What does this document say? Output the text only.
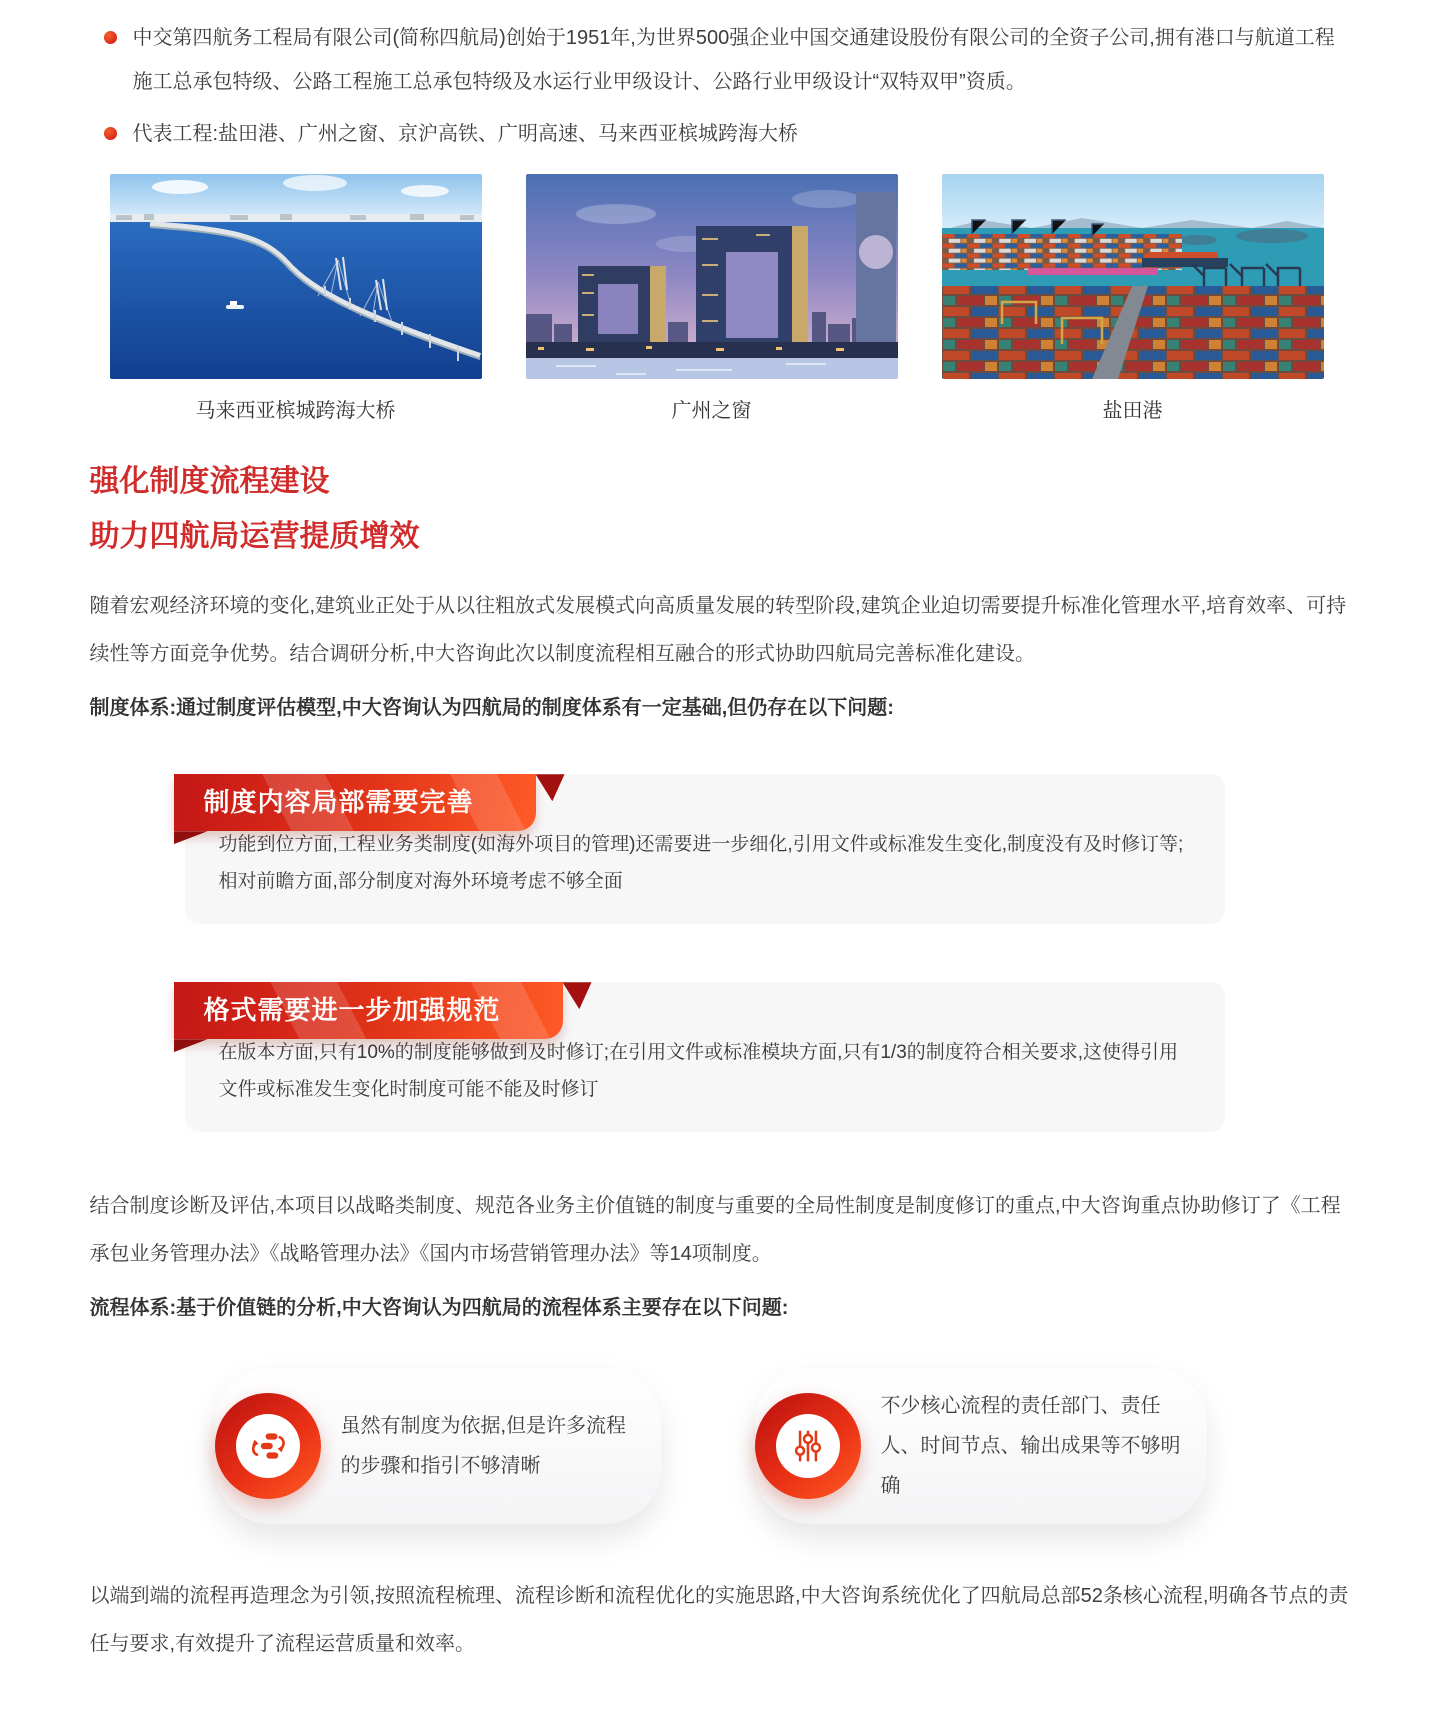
中交第四航务工程局有限公司(简称四航局)创始于1951年,为世界500强企业中国交通建设股份有限公司的全资子公司,拥有港口与航道工程施工总承包特级、公路工程施工总承包特级及水运行业甲级设计、公路行业甲级设计“双特双甲”资质。
代表工程:盐田港、广州之窗、京沪高铁、广明高速、马来西亚槟城跨海大桥
马来西亚槟城跨海大桥	广州之窗	盐田港
强化制度流程建设
助力四航局运营提质增效

随着宏观经济环境的变化,建筑业正处于从以往粗放式发展模式向高质量发展的转型阶段,建筑企业迫切需要提升标准化管理水平,培育效率、可持续性等方面竞争优势。结合调研分析,中大咨询此次以制度流程相互融合的形式协助四航局完善标准化建设。

制度体系:通过制度评估模型,中大咨询认为四航局的制度体系有一定基础,但仍存在以下问题:

制度内容局部需要完善

功能到位方面,工程业务类制度(如海外项目的管理)还需要进一步细化,引用文件或标准发生变化,制度没有及时修订等;相对前瞻方面,部分制度对海外环境考虑不够全面

格式需要进一步加强规范

在版本方面,只有10%的制度能够做到及时修订;在引用文件或标准模块方面,只有1/3的制度符合相关要求,这使得引用文件或标准发生变化时制度可能不能及时修订

结合制度诊断及评估,本项目以战略类制度、规范各业务主价值链的制度与重要的全局性制度是制度修订的重点,中大咨询重点协助修订了《工程承包业务管理办法》《战略管理办法》《国内市场营销管理办法》等14项制度。

流程体系:基于价值链的分析,中大咨询认为四航局的流程体系主要存在以下问题:

虽然有制度为依据,但是许多流程的步骤和指引不够清晰
不少核心流程的责任部门、责任人、时间节点、输出成果等不够明确

以端到端的流程再造理念为引领,按照流程梳理、流程诊断和流程优化的实施思路,中大咨询系统优化了四航局总部52条核心流程,明确各节点的责任与要求,有效提升了流程运营质量和效率。
